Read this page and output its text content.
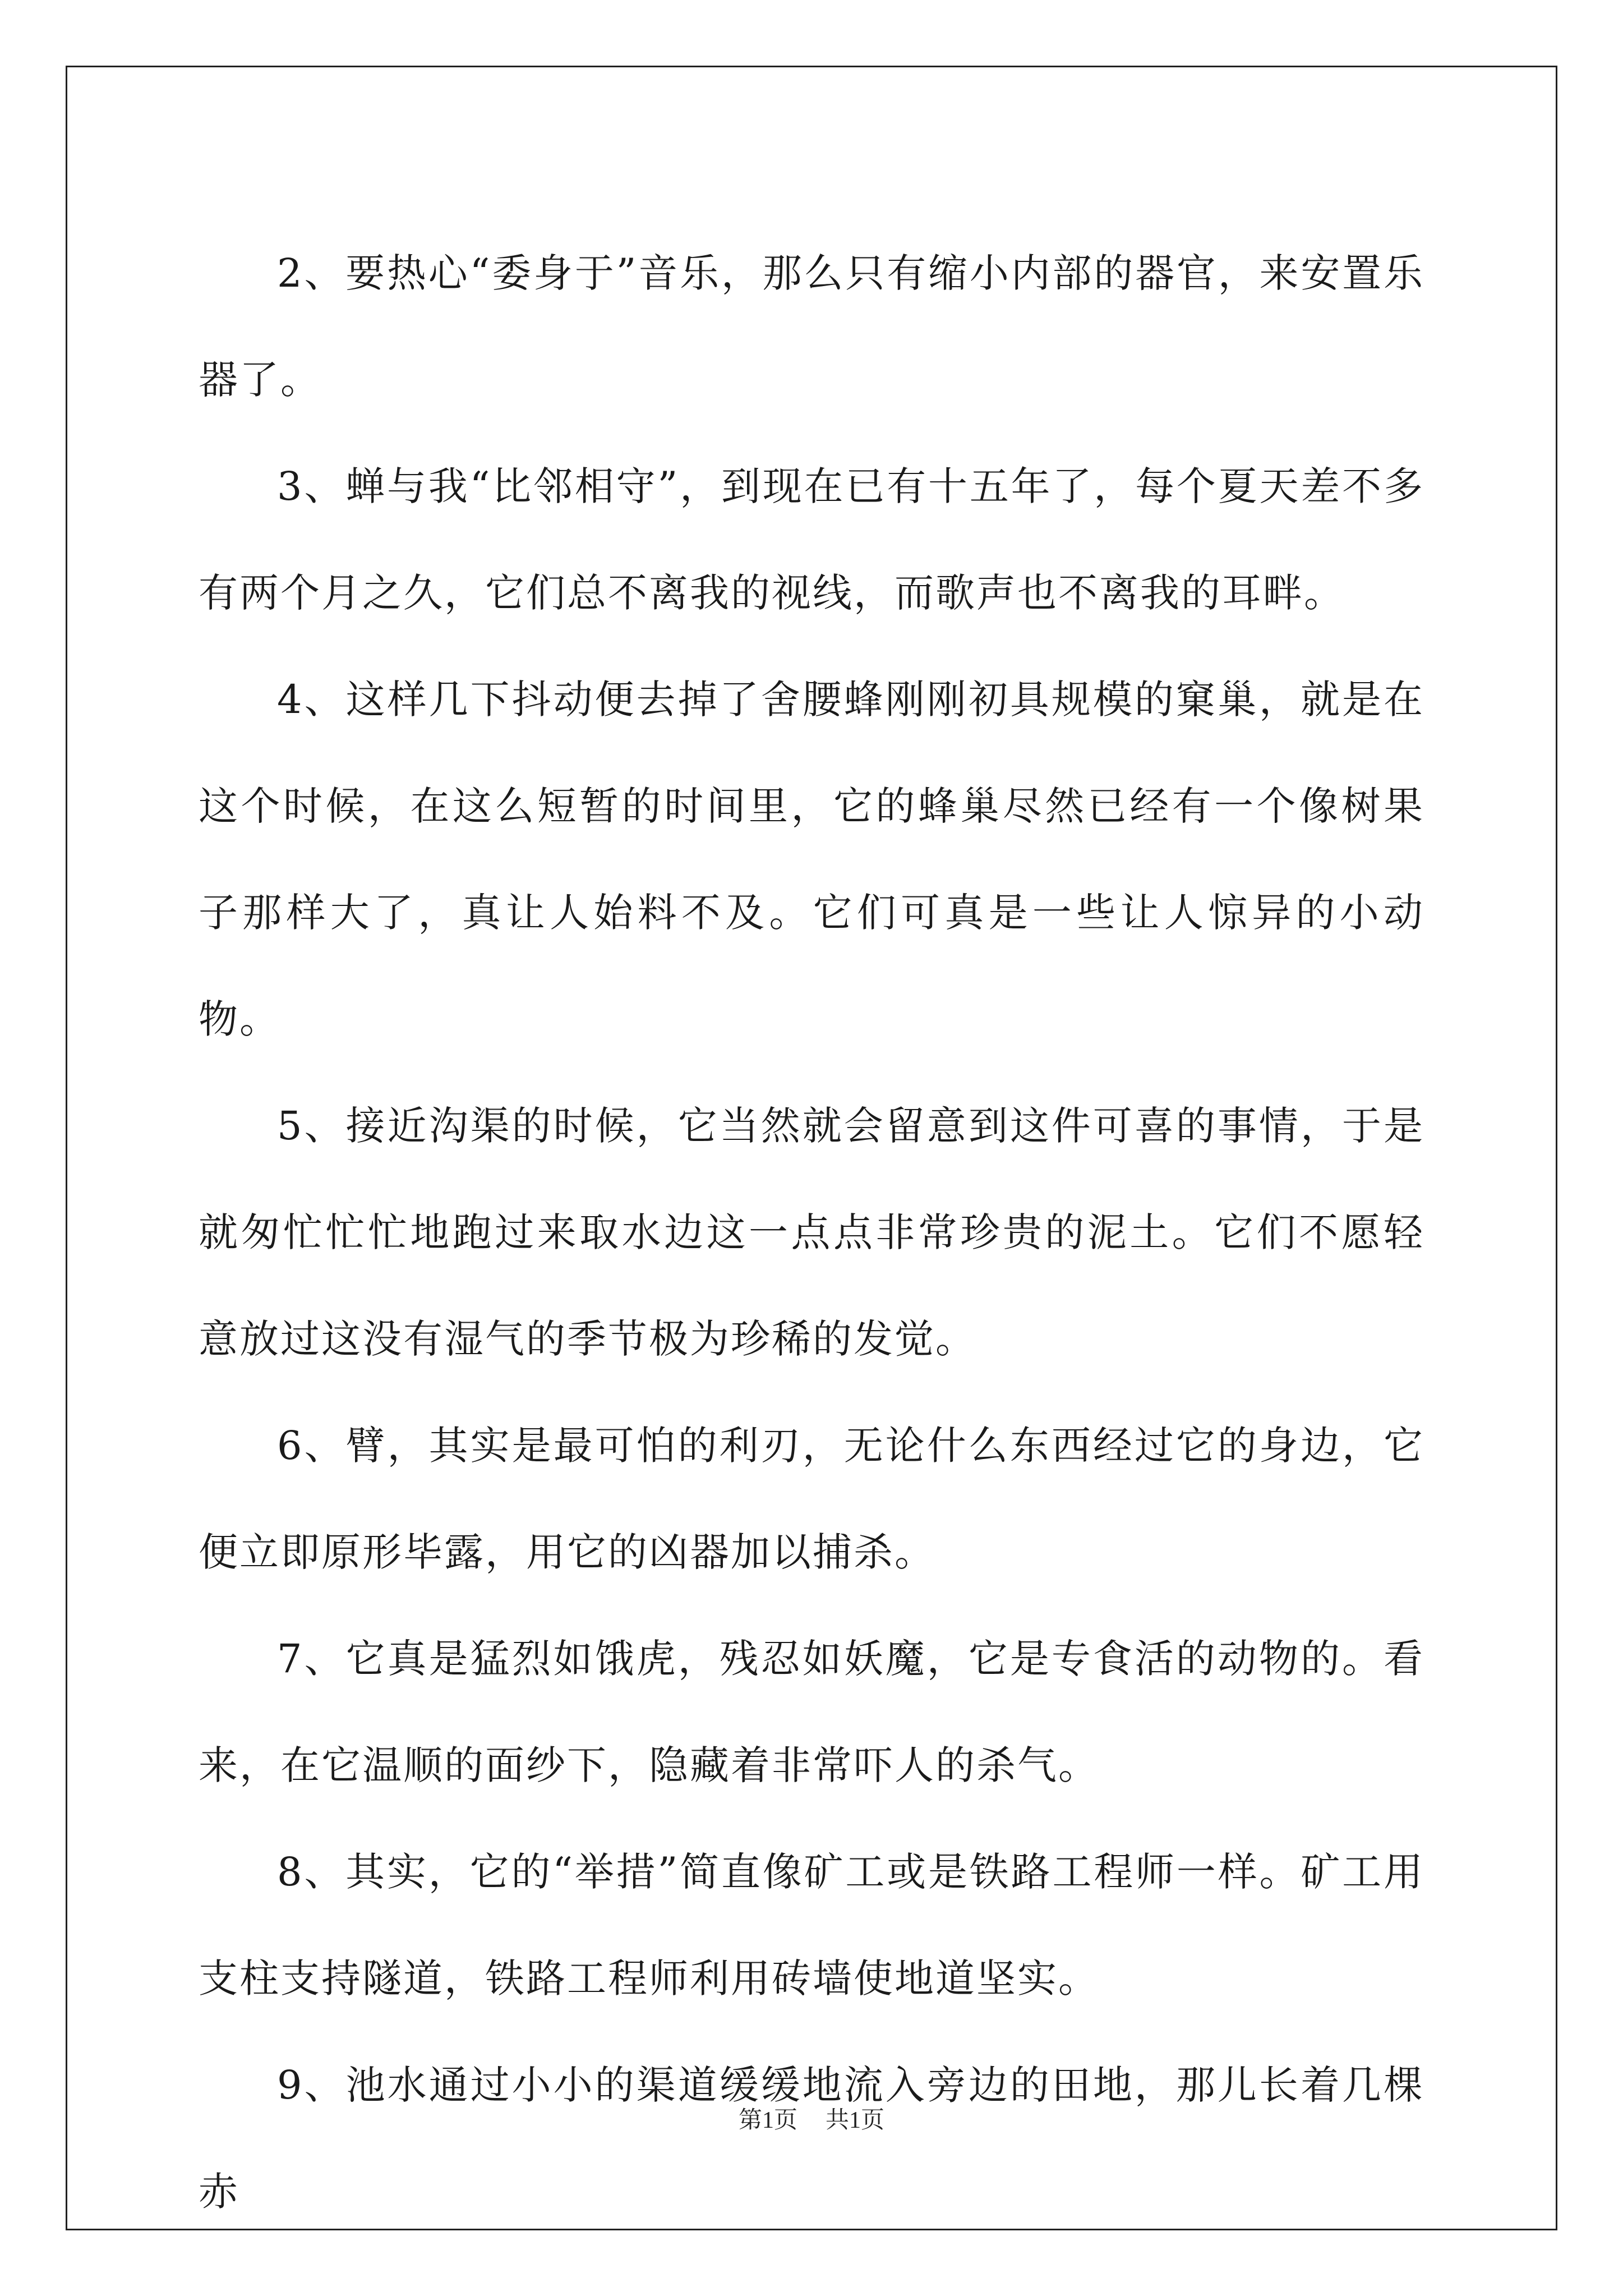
2、要热心“委身于”音乐，那么只有缩小内部的器官，来安置乐器了。

3、蝉与我“比邻相守”，到现在已有十五年了，每个夏天差不多有两个月之久，它们总不离我的视线，而歌声也不离我的耳畔。

4、这样几下抖动便去掉了舍腰蜂刚刚初具规模的窠巢，就是在这个时候，在这么短暂的时间里，它的蜂巢尽然已经有一个像树果子那样大了，真让人始料不及。它们可真是一些让人惊异的小动物。

5、接近沟渠的时候，它当然就会留意到这件可喜的事情，于是就匆忙忙忙地跑过来取水边这一点点非常珍贵的泥土。它们不愿轻意放过这没有湿气的季节极为珍稀的发觉。

6、臂，其实是最可怕的利刃，无论什么东西经过它的身边，它便立即原形毕露，用它的凶器加以捕杀。

7、它真是猛烈如饿虎，残忍如妖魔，它是专食活的动物的。看来，在它温顺的面纱下，隐藏着非常吓人的杀气。

8、其实，它的“举措”简直像矿工或是铁路工程师一样。矿工用支柱支持隧道，铁路工程师利用砖墙使地道坚实。

9、池水通过小小的渠道缓缓地流入旁边的田地，那儿长着几棵赤

第1页 共1页
